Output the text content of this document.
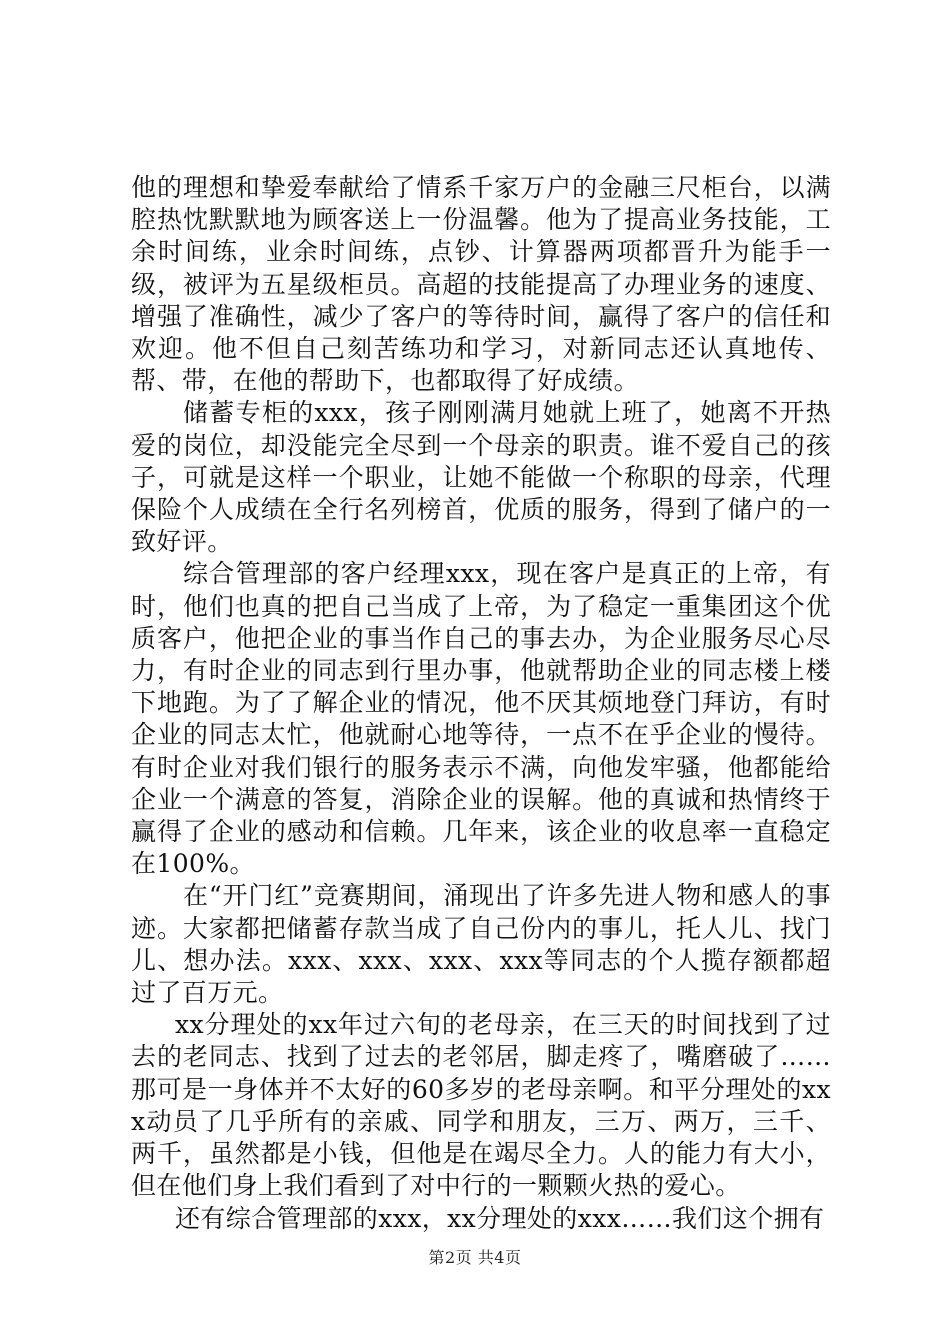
他的理想和挚爱奉献给了情系千家万户的金融三尺柜台，以满腔热忱默默地为顾客送上一份温馨。他为了提高业务技能，工余时间练，业余时间练，点钞、计算器两项都晋升为能手一级，被评为五星级柜员。高超的技能提高了办理业务的速度、增强了准确性，减少了客户的等待时间，赢得了客户的信任和欢迎。他不但自己刻苦练功和学习，对新同志还认真地传、帮、带，在他的帮助下，也都取得了好成绩。

储蓄专柜的xxx，孩子刚刚满月她就上班了，她离不开热爱的岗位，却没能完全尽到一个母亲的职责。谁不爱自己的孩子，可就是这样一个职业，让她不能做一个称职的母亲，代理保险个人成绩在全行名列榜首，优质的服务，得到了储户的一致好评。

综合管理部的客户经理xxx，现在客户是真正的上帝，有时，他们也真的把自己当成了上帝，为了稳定一重集团这个优质客户，他把企业的事当作自己的事去办，为企业服务尽心尽力，有时企业的同志到行里办事，他就帮助企业的同志楼上楼下地跑。为了了解企业的情况，他不厌其烦地登门拜访，有时企业的同志太忙，他就耐心地等待，一点不在乎企业的慢待。有时企业对我们银行的服务表示不满，向他发牢骚，他都能给企业一个满意的答复，消除企业的误解。他的真诚和热情终于赢得了企业的感动和信赖。几年来，该企业的收息率一直稳定在100%。

在“开门红”竞赛期间，涌现出了许多先进人物和感人的事迹。大家都把储蓄存款当成了自己份内的事儿，托人儿、找门儿、想办法。xxx、xxx、xxx、xxx等同志的个人揽存额都超过了百万元。

xx分理处的xx年过六旬的老母亲，在三天的时间找到了过去的老同志、找到了过去的老邻居，脚走疼了，嘴磨破了……那可是一身体并不太好的60多岁的老母亲啊。和平分理处的xxx动员了几乎所有的亲戚、同学和朋友，三万、两万，三千、两千，虽然都是小钱，但他是在竭尽全力。人的能力有大小，但在他们身上我们看到了对中行的一颗颗火热的爱心。

还有综合管理部的xxx，xx分理处的xxx……我们这个拥有

第2页 共4页
